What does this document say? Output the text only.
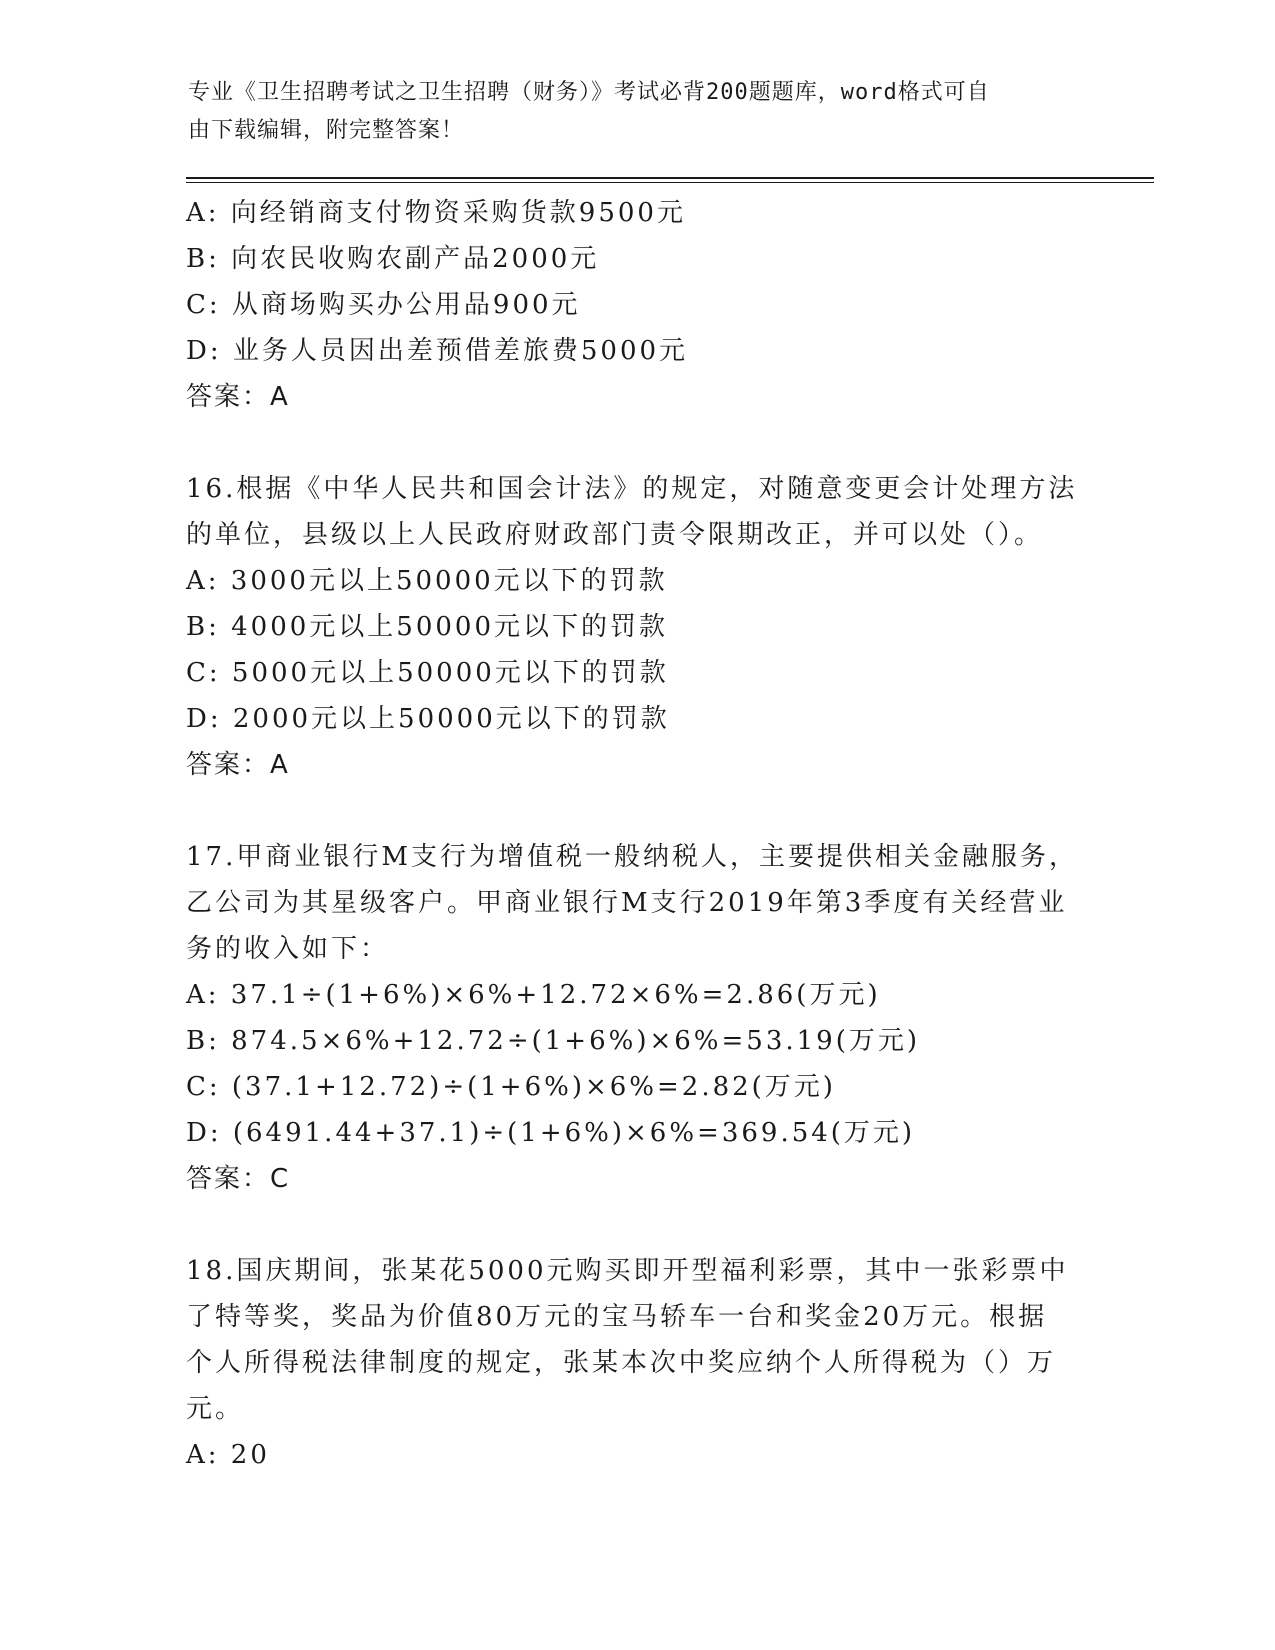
专业《卫生招聘考试之卫生招聘（财务）》考试必背200题题库，word格式可自
由下载编辑，附完整答案！
A: 向经销商支付物资采购货款9500元
B: 向农民收购农副产品2000元
C: 从商场购买办公用品900元
D: 业务人员因出差预借差旅费5000元
答案：A
16.根据《中华人民共和国会计法》的规定，对随意变更会计处理方法
的单位，县级以上人民政府财政部门责令限期改正，并可以处（）。
A: 3000元以上50000元以下的罚款
B: 4000元以上50000元以下的罚款
C: 5000元以上50000元以下的罚款
D: 2000元以上50000元以下的罚款
答案：A
17.甲商业银行M支行为增值税一般纳税人，主要提供相关金融服务，
乙公司为其星级客户。甲商业银行M支行2019年第3季度有关经营业
务的收入如下：
A: 37.1÷(1+6%)×6%+12.72×6%=2.86(万元)
B: 874.5×6%+12.72÷(1+6%)×6%=53.19(万元)
C: (37.1+12.72)÷(1+6%)×6%=2.82(万元)
D: (6491.44+37.1)÷(1+6%)×6%=369.54(万元)
答案：C
18.国庆期间，张某花5000元购买即开型福利彩票，其中一张彩票中
了特等奖，奖品为价值80万元的宝马轿车一台和奖金20万元。根据
个人所得税法律制度的规定，张某本次中奖应纳个人所得税为（）万
元。
A: 20
